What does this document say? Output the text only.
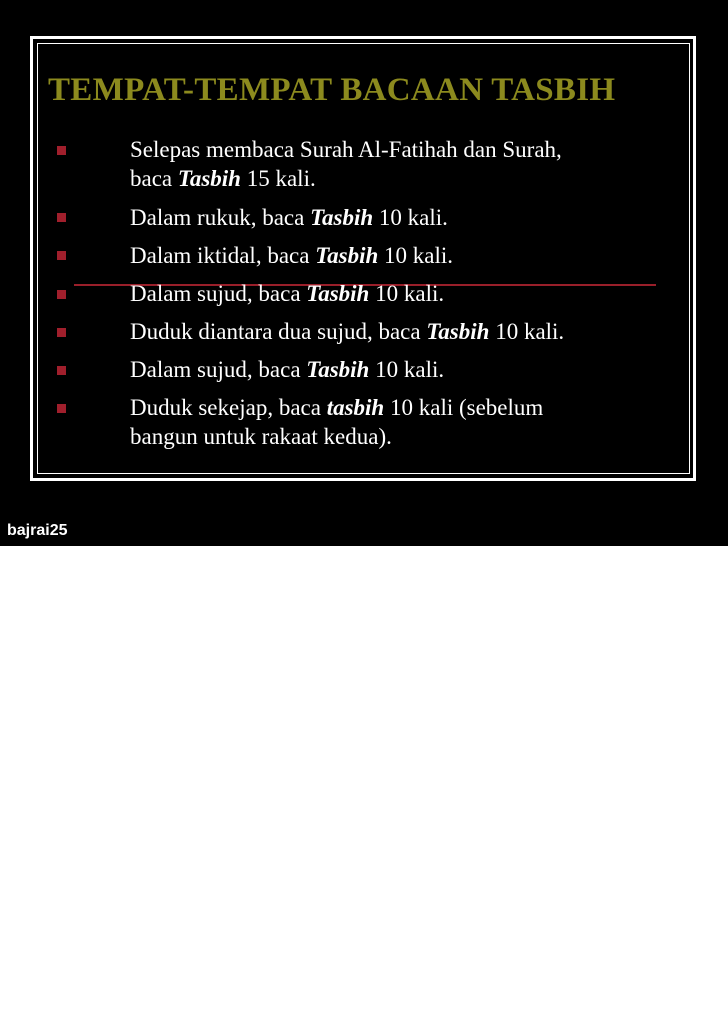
TEMPAT-TEMPAT BACAAN TASBIH
Selepas membaca Surah Al-Fatihah dan Surah,
baca Tasbih 15 kali.
Dalam rukuk, baca Tasbih 10 kali.
Dalam iktidal, baca Tasbih 10 kali.
Dalam sujud, baca Tasbih 10 kali.
Duduk diantara dua sujud, baca Tasbih 10 kali.
Dalam sujud, baca Tasbih 10 kali.
Duduk sekejap, baca tasbih 10 kali (sebelum
bangun untuk rakaat kedua).
bajrai25
